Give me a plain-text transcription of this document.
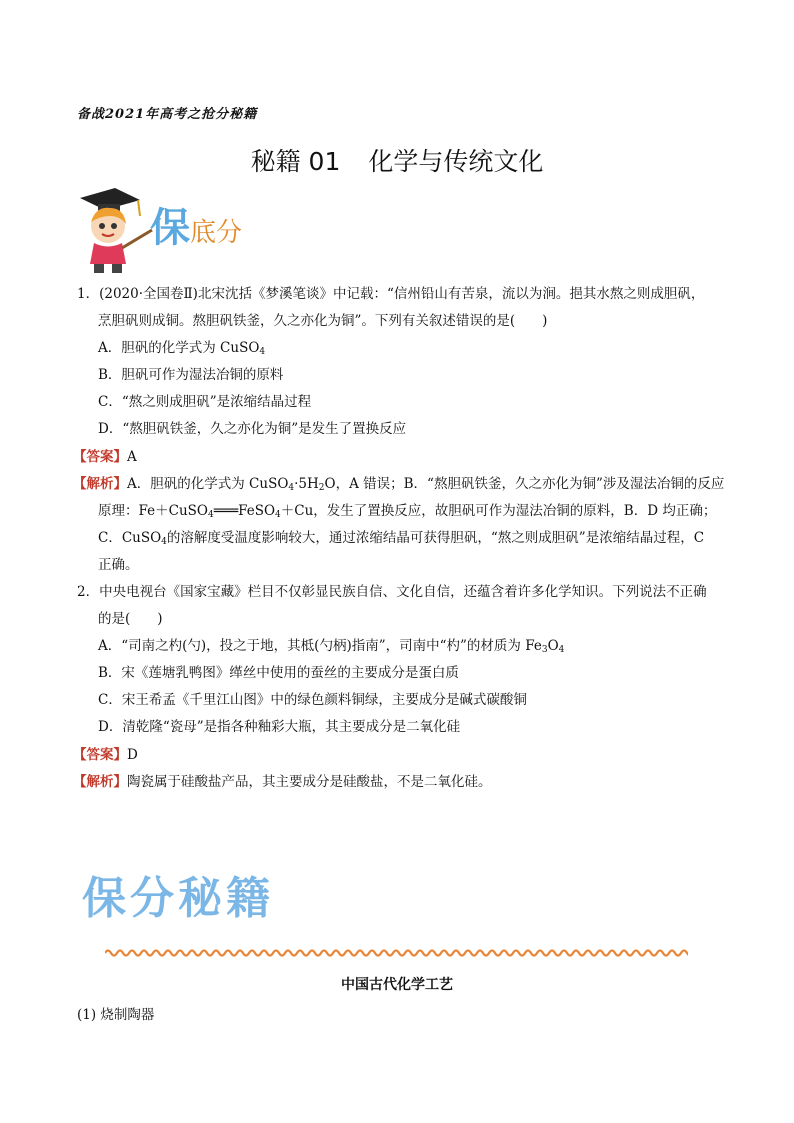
备战2021年高考之抢分秘籍
秘籍 01 化学与传统文化
保底分
1．(2020·全国卷Ⅱ)北宋沈括《梦溪笔谈》中记载：“信州铅山有苦泉，流以为涧。挹其水熬之则成胆矾，
烹胆矾则成铜。熬胆矾铁釜，久之亦化为铜”。下列有关叙述错误的是(　　)
A．胆矾的化学式为 CuSO$_4$
B．胆矾可作为湿法冶铜的原料
C．“熬之则成胆矾”是浓缩结晶过程
D．“熬胆矾铁釜，久之亦化为铜”是发生了置换反应
【答案】A
【解析】A．胆矾的化学式为 $CuSO_4\cdot 5H_2O$，A 错误；B．“熬胆矾铁釜，久之亦化为铜”涉及湿法冶铜的反应
原理：Fe＋CuSO$_4$═══FeSO$_4$＋Cu，发生了置换反应，故胆矾可作为湿法冶铜的原料，B．D 均正确；
C．CuSO$_4$的溶解度受温度影响较大，通过浓缩结晶可获得胆矾，“熬之则成胆矾”是浓缩结晶过程，C
正确。
2．中央电视台《国家宝藏》栏目不仅彰显民族自信、文化自信，还蕴含着许多化学知识。下列说法不正确
的是(　　)
A．“司南之杓(勺)，投之于地，其柢(勺柄)指南”，司南中“杓”的材质为 $Fe_3O_4$
B．宋《莲塘乳鸭图》缂丝中使用的蚕丝的主要成分是蛋白质
C．宋王希孟《千里江山图》中的绿色颜料铜绿，主要成分是碱式碳酸铜
D．清乾隆“瓷母”是指各种釉彩大瓶，其主要成分是二氧化硅
【答案】D
【解析】陶瓷属于硅酸盐产品，其主要成分是硅酸盐，不是二氧化硅。
保分秘籍
中国古代化学工艺
(1) 烧制陶器
